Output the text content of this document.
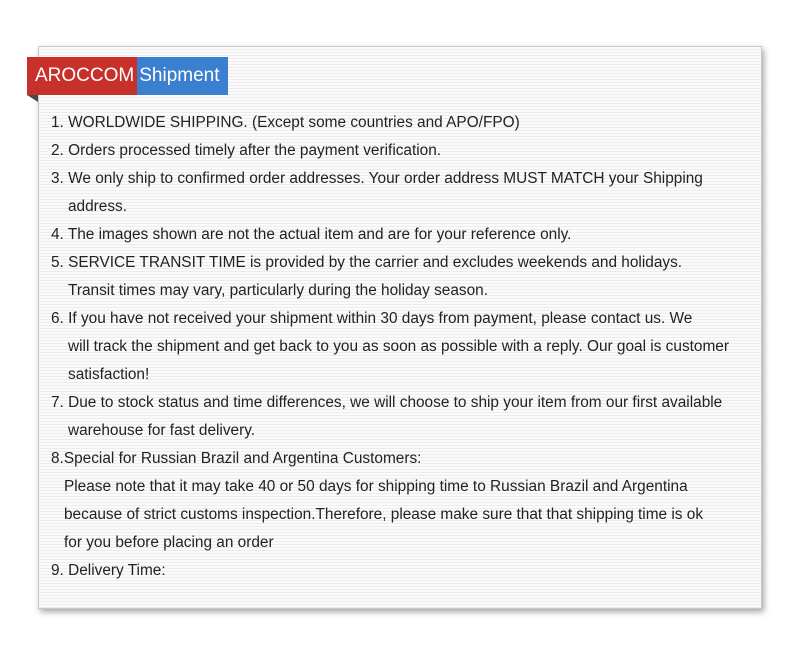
AROCCOM Shipment
1. WORLDWIDE SHIPPING. (Except some countries and APO/FPO)
2. Orders processed timely after the payment verification.
3. We only ship to confirmed order addresses. Your order address MUST MATCH your Shipping
address.
4. The images shown are not the actual item and are for your reference only.
5. SERVICE TRANSIT TIME is provided by the carrier and excludes weekends and holidays.
Transit times may vary, particularly during the holiday season.
6. If you have not received your shipment within 30 days from payment, please contact us. We
will track the shipment and get back to you as soon as possible with a reply. Our goal is customer
satisfaction!
7. Due to stock status and time differences, we will choose to ship your item from our first available
warehouse for fast delivery.
8.Special for Russian Brazil and Argentina Customers:
Please note that it may take 40 or 50 days for shipping time to Russian Brazil and Argentina
because of strict customs inspection.Therefore, please make sure that that shipping time is ok
for you before placing an order
9. Delivery Time:
